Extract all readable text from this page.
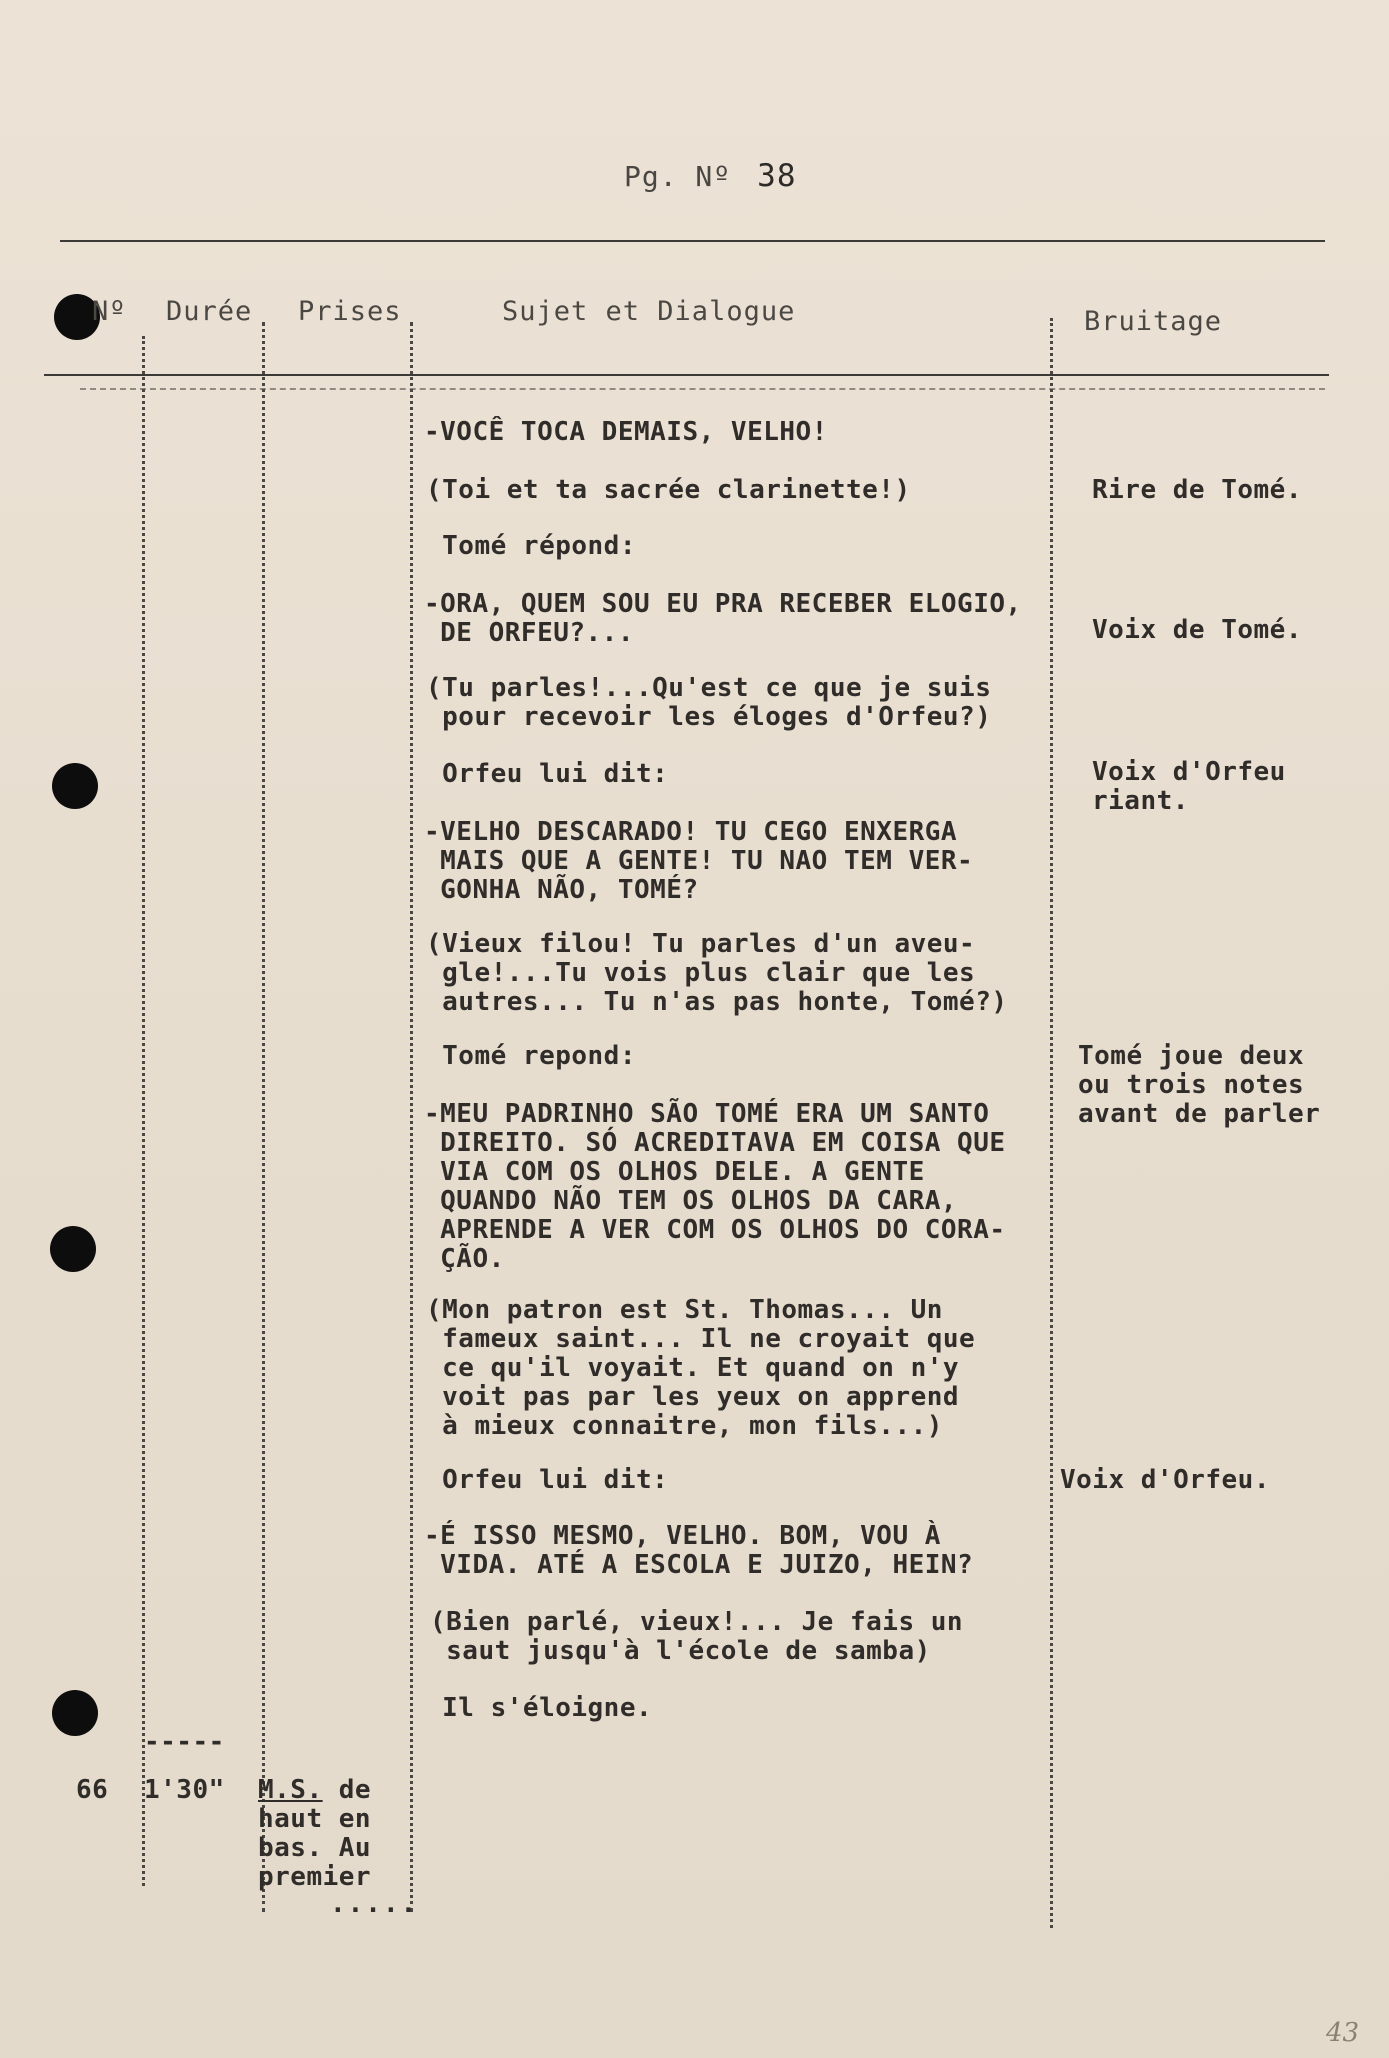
Pg. Nº 38
Nº Durée Prises	Sujet et Dialogue	Bruitage
-VOCÊ TOCA DEMAIS, VELHO!
(Toi et ta sacrée clarinette!)
Tomé répond:
-ORA, QUEM SOU EU PRA RECEBER ELOGIO,
DE ORFEU?...
(Tu parles!...Qu'est ce que je suis
pour recevoir les éloges d'Orfeu?)
Orfeu lui dit:
-VELHO DESCARADO! TU CEGO ENXERGA
MAIS QUE A GENTE! TU NAO TEM VER-
GONHA NÃO, TOMÉ?
(Vieux filou! Tu parles d'un aveu-
gle!...Tu vois plus clair que les
autres... Tu n'as pas honte, Tomé?)
Tomé repond:
-MEU PADRINHO SÃO TOMÉ ERA UM SANTO
DIREITO. SÓ ACREDITAVA EM COISA QUE
VIA COM OS OLHOS DELE. A GENTE
QUANDO NÃO TEM OS OLHOS DA CARA,
APRENDE A VER COM OS OLHOS DO CORA-
ÇÃO.
(Mon patron est St. Thomas... Un
fameux saint... Il ne croyait que
ce qu'il voyait. Et quand on n'y
voit pas par les yeux on apprend
à mieux connaitre, mon fils...)
Orfeu lui dit:
-É ISSO MESMO, VELHO. BOM, VOU À
VIDA. ATÉ A ESCOLA E JUIZO, HEIN?
(Bien parlé, vieux!... Je fais un
saut jusqu'à l'école de samba)
Il s'éloigne.
Rire de Tomé.
Voix de Tomé.
Voix d'Orfeu
riant.
Tomé joue deux
ou trois notes
avant de parler
Voix d'Orfeu.
-----
66 1'30" M.S. de
haut en
bas. Au
premier
.....
43
